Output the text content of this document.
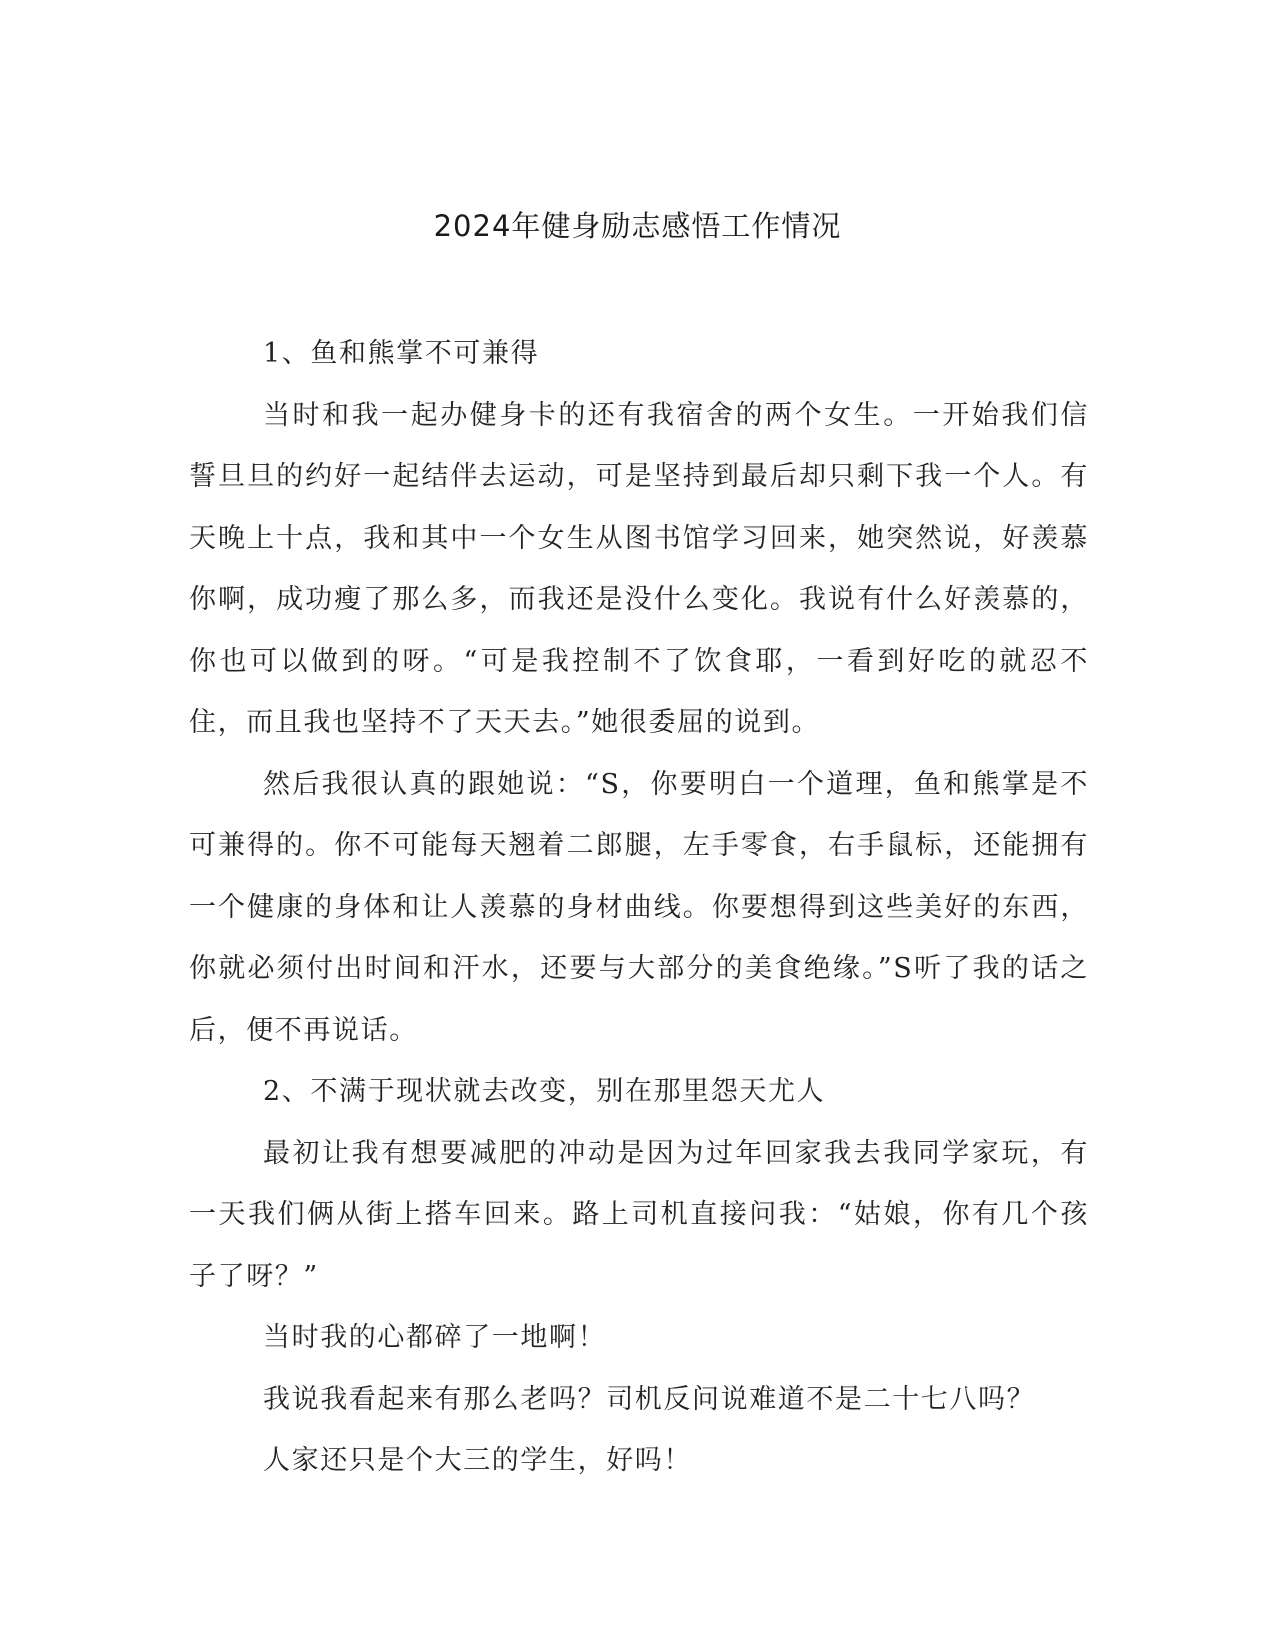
2024年健身励志感悟工作情况

1、鱼和熊掌不可兼得

当时和我一起办健身卡的还有我宿舍的两个女生。一开始我们信誓旦旦的约好一起结伴去运动，可是坚持到最后却只剩下我一个人。有天晚上十点，我和其中一个女生从图书馆学习回来，她突然说，好羡慕你啊，成功瘦了那么多，而我还是没什么变化。我说有什么好羡慕的，你也可以做到的呀。“可是我控制不了饮食耶，一看到好吃的就忍不住，而且我也坚持不了天天去。”她很委屈的说到。

然后我很认真的跟她说：“S，你要明白一个道理，鱼和熊掌是不可兼得的。你不可能每天翘着二郎腿，左手零食，右手鼠标，还能拥有一个健康的身体和让人羡慕的身材曲线。你要想得到这些美好的东西，你就必须付出时间和汗水，还要与大部分的美食绝缘。”S听了我的话之后，便不再说话。

2、不满于现状就去改变，别在那里怨天尤人

最初让我有想要减肥的冲动是因为过年回家我去我同学家玩，有一天我们俩从街上搭车回来。路上司机直接问我：“姑娘，你有几个孩子了呀？”

当时我的心都碎了一地啊！

我说我看起来有那么老吗？司机反问说难道不是二十七八吗？

人家还只是个大三的学生，好吗！
